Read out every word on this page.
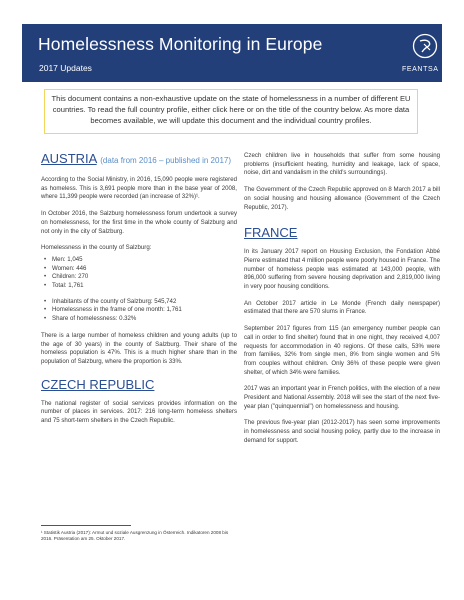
Homelessness Monitoring in Europe
2017 Updates	FEANTSA
This document contains a non-exhaustive update on the state of homelessness in a number of different EU countries. To read the full country profile, either click here or on the title of the country below. As more data becomes available, we will update this document and the individual country profiles.
AUSTRIA (data from 2016 – published in 2017)

According to the Social Ministry, in 2016, 15,090 people were registered as homeless. This is 3,691 people more than in the base year of 2008, where 11,399 people were recorded (an increase of 32%)¹.

In October 2016, the Salzburg homelessness forum undertook a survey on homelessness, for the first time in the whole county of Salzburg and not only in the city of Salzburg.

Homelessness in the county of Salzburg:

• Men: 1,045
• Women: 446
• Children: 270
• Total: 1,761
• Inhabitants of the county of Salzburg: 545,742
• Homelessness in the frame of one month: 1,761
• Share of homelessness: 0.32%

There is a large number of homeless children and young adults (up to the age of 30 years) in the county of Salzburg. Their share of the homeless population is 47%. This is a much higher share than in the population of Salzburg, where the proportion is 33%.

CZECH REPUBLIC

The national register of social services provides information on the number of places in services. 2017: 216 long-term homeless shelters and 75 short-term shelters in the Czech Republic.

Czech children live in households that suffer from some housing problems (insufficient heating, humidity and leakage, lack of space, noise, dirt and vandalism in the child's surroundings).

The Government of the Czech Republic approved on 8 March 2017 a bill on social housing and housing allowance (Government of the Czech Republic, 2017).

FRANCE

In its January 2017 report on Housing Exclusion, the Fondation Abbé Pierre estimated that 4 million people were poorly housed in France. The number of homeless people was estimated at 143,000 people, with 896,000 suffering from severe housing deprivation and 2,819,000 living in very poor housing conditions.

An October 2017 article in Le Monde (French daily newspaper) estimated that there are 570 slums in France.

September 2017 figures from 115 (an emergency number people can call in order to find shelter) found that in one night, they received 4,007 requests for accommodation in 40 regions. Of these calls, 53% were from families, 32% from single men, 8% from single women and 5% from couples without children. Only 36% of these people were given shelter, of which 34% were families.

2017 was an important year in French politics, with the election of a new President and National Assembly. 2018 will see the start of the next five-year plan ("quinquennial") on homelessness and housing.

The previous five-year plan (2012-2017) has seen some improvements in homelessness and social housing policy, partly due to the increase in demand for support.

¹ Statistik Austria (2017): Armut und soziale Ausgrenzung in Österreich. Indikatoren 2008 bis 2016. Präsentation am 25. Oktober 2017.
